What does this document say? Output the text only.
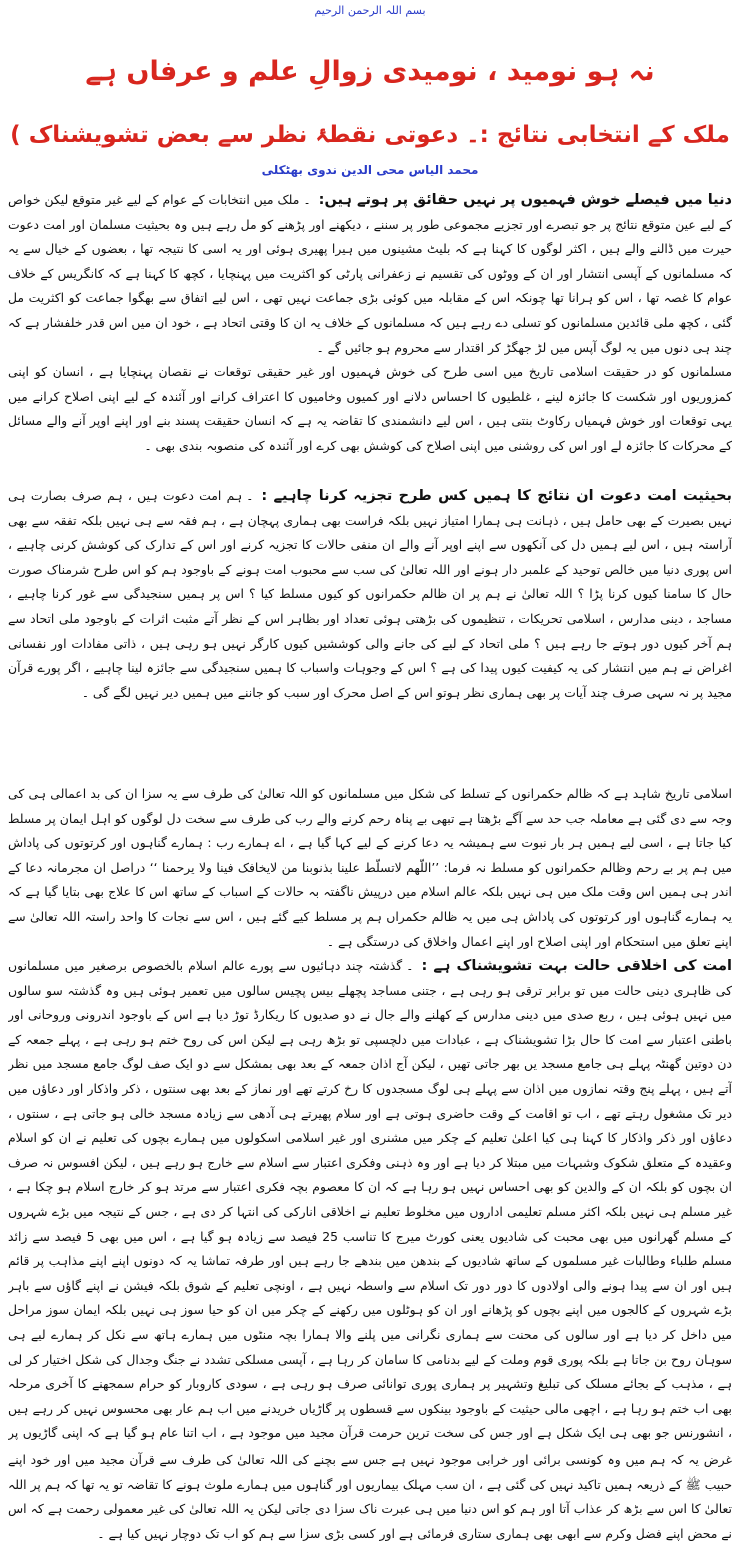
بسم اللہ الرحمن الرحیم
نہ ہو نومید ، نومیدی زوالِ علم و عرفاں ہے
( ملک کے انتخابی نتائج :۔ دعوتی نقطۂ نظر سے بعض تشویشناک
محمد الیاس محی الدین ندوی بھٹکلی

دنیا میں فیصلے خوش فہمیوں پر نہیں حقائق پر ہوتے ہیں:۔ملک میں انتخابات کے عوام کے لیے غیر متوقع لیکن خواص کے لیے عین متوقع نتائج پر جو تبصرے اور تجزیے مجموعی طور پر سننے ، دیکھنے اور پڑھنے کو مل رہے ہیں وہ بحیثیت مسلمان اور امت دعوت حیرت میں ڈالنے والے ہیں ، اکثر لوگوں کا کہنا ہے کہ بلیٹ مشینوں میں ہیرا پھیری ہوئی اور یہ اسی کا نتیجہ تھا ، بعضوں کے خیال سے یہ کہ مسلمانوں کے آپسی انتشار اور ان کے ووٹوں کی تقسیم نے زعفرانی پارٹی کو اکثریت میں پہنچایا ، کچھ کا کہنا ہے کہ کانگریس کے خلاف عوام کا غصہ تھا ، اس کو ہرانا تھا چونکہ اس کے مقابلہ میں کوئی بڑی جماعت نہیں تھی ، اس لیے اتفاق سے بھگوا جماعت کو اکثریت مل گئی ، کچھ ملی قائدین مسلمانوں کو تسلی دے رہے ہیں کہ مسلمانوں کے خلاف یہ ان کا وقتی اتحاد ہے ، خود ان میں اس قدر خلفشار ہے کہ چند ہی دنوں میں یہ لوگ آپس میں لڑ جھگڑ کر اقتدار سے محروم ہو جائیں گے ۔

مسلمانوں کو در حقیقت اسلامی تاریخ میں اسی طرح کی خوش فہمیوں اور غیر حقیقی توقعات نے نقصان پہنچایا ہے ، انسان کو اپنی کمزوریوں اور شکست کا جائزہ لینے ، غلطیوں کا احساس دلانے اور کمیوں وخامیوں کا اعتراف کرانے اور آئندہ کے لیے اپنی اصلاح کرانے میں یہی توقعات اور خوش فہمیاں رکاوٹ بنتی ہیں ، اس لیے دانشمندی کا تقاضہ یہ ہے کہ انسان حقیقت پسند بنے اور اپنے اوپر آنے والے مسائل کے محرکات کا جائزہ لے اور اس کی روشنی میں اپنی اصلاح کی کوشش بھی کرے اور آئندہ کی منصوبہ بندی بھی ۔

بحیثیت امت دعوت ان نتائج کا ہمیں کس طرح تجزیہ کرنا چاہیے :۔ہم امت دعوت ہیں ، ہم صرف بصارت ہی نہیں بصیرت کے بھی حامل ہیں ، ذہانت ہی ہمارا امتیاز نہیں بلکہ فراست بھی ہماری پہچان ہے ، ہم فقہ سے ہی نہیں بلکہ تفقہ سے بھی آراستہ ہیں ، اس لیے ہمیں دل کی آنکھوں سے اپنے اوپر آنے والے ان منفی حالات کا تجزیہ کرنے اور اس کے تدارک کی کوشش کرنی چاہیے ، اس پوری دنیا میں خالص توحید کے علمبر دار ہونے اور اللہ تعالیٰ کی سب سے محبوب امت ہونے کے باوجود ہم کو اس طرح شرمناک صورت حال کا سامنا کیوں کرنا پڑا ؟ اللہ تعالیٰ نے ہم پر ان ظالم حکمرانوں کو کیوں مسلط کیا ؟ اس پر ہمیں سنجیدگی سے غور کرنا چاہیے ، مساجد ، دینی مدارس ، اسلامی تحریکات ، تنظیموں کی بڑھتی ہوئی تعداد اور بظاہر اس کے نظر آتے مثبت اثرات کے باوجود ملی اتحاد سے ہم آخر کیوں دور ہوتے جا رہے ہیں ؟ ملی اتحاد کے لیے کی جانے والی کوششیں کیوں کارگر نہیں ہو رہی ہیں ، ذاتی مفادات اور نفسانی اغراض نے ہم میں انتشار کی یہ کیفیت کیوں پیدا کی ہے ؟ اس کے وجوہات واسباب کا ہمیں سنجیدگی سے جائزہ لینا چاہیے ، اگر پورے قرآن مجید پر نہ سہی صرف چند آیات پر بھی ہماری نظر ہوتو اس کے اصل محرک اور سبب کو جاننے میں ہمیں دیر نہیں لگے گی ۔

اسلامی تاریخ شاہد ہے کہ ظالم حکمرانوں کے تسلط کی شکل میں مسلمانوں کو اللہ تعالیٰ کی طرف سے یہ سزا ان کی بد اعمالی ہی کی وجہ سے دی گئی ہے معاملہ جب حد سے آگے بڑھتا ہے تبھی بے پناہ رحم کرنے والے رب کی طرف سے سخت دل لوگوں کو اہل ایمان پر مسلط کیا جاتا ہے ، اسی لیے ہمیں ہر بار نبوت سے ہمیشہ یہ دعا کرنے کے لیے کہا گیا ہے ، اے ہمارے رب : ہمارے گناہوں اور کرتوتوں کی پاداش میں ہم پر بے رحم وظالم حکمرانوں کو مسلط نہ فرما: ’’اللّھم لاتسلّط علینا بذنوبنا من لایخافک فینا ولا یرحمنا ‘‘ دراصل ان مجرمانہ دعا کے اندر ہی ہمیں اس وقت ملک میں ہی نہیں بلکہ عالم اسلام میں درپیش ناگفتہ بہ حالات کے اسباب کے ساتھ اس کا علاج بھی بتایا گیا ہے کہ یہ ہمارے گناہوں اور کرتوتوں کی پاداش ہی میں یہ ظالم حکمراں ہم پر مسلط کیے گئے ہیں ، اس سے نجات کا واحد راستہ اللہ تعالیٰ سے اپنے تعلق میں استحکام اور اپنی اصلاح اور اپنے اعمال واخلاق کی درستگی ہے ۔

امت کی اخلاقی حالت بہت تشویشناک ہے :۔گذشتہ چند دہائیوں سے پورے عالم اسلام بالخصوص برصغیر میں مسلمانوں کی ظاہری دینی حالت میں تو برابر ترقی ہو رہی ہے ، جتنی مساجد پچھلے بیس پچیس سالوں میں تعمیر ہوئی ہیں وہ گذشتہ سو سالوں میں نہیں ہوئی ہیں ، ربع صدی میں دینی مدارس کے کھلنے والے جال نے دو صدیوں کا ریکارڈ توڑ دیا ہے اس کے باوجود اندرونی وروحانی اور باطنی اعتبار سے امت کا حال بڑا تشویشناک ہے ، عبادات میں دلچسپی تو بڑھ رہی ہے لیکن اس کی روح ختم ہو رہی ہے ، پہلے جمعہ کے دن دوتین گھنٹہ پہلے ہی جامع مسجد یں بھر جاتی تھیں ، لیکن آج اذان جمعہ کے بعد بھی بمشکل سے دو ایک صف لوگ جامع مسجد میں نظر آتے ہیں ، پہلے پنج وقتہ نمازوں میں اذان سے پہلے ہی لوگ مسجدوں کا رخ کرتے تھے اور نماز کے بعد بھی سنتوں ، ذکر واذکار اور دعاؤں میں دیر تک مشغول رہتے تھے ، اب تو اقامت کے وقت حاضری ہوتی ہے اور سلام پھیرتے ہی آدھی سے زیادہ مسجد خالی ہو جاتی ہے ، سنتوں ، دعاؤں اور ذکر واذکار کا کہنا ہی کیا اعلیٰ تعلیم کے چکر میں مشنری اور غیر اسلامی اسکولوں میں ہمارے بچوں کی تعلیم نے ان کو اسلام وعقیدہ کے متعلق شکوک وشبہات میں مبتلا کر دیا ہے اور وہ ذہنی وفکری اعتبار سے اسلام سے خارج ہو رہے ہیں ، لیکن افسوس نہ صرف ان بچوں کو بلکہ ان کے والدین کو بھی احساس نہیں ہو رہا ہے کہ ان کا معصوم بچہ فکری اعتبار سے مرتد ہو کر خارج اسلام ہو چکا ہے ، غیر مسلم ہی نہیں بلکہ اکثر مسلم تعلیمی اداروں میں مخلوط تعلیم نے اخلاقی انارکی کی انتہا کر دی ہے ، جس کے نتیجہ میں بڑے شہروں کے مسلم گھرانوں میں بھی محبت کی شادیوں یعنی کورٹ میرج کا تناسب 25 فیصد سے زیادہ ہو گیا ہے ، اس میں بھی 5 فیصد سے زائد مسلم طلباء وطالبات غیر مسلموں کے ساتھ شادیوں کے بندھن میں بندھے جا رہے ہیں اور طرفہ تماشا یہ کہ دونوں اپنے اپنے مذاہب پر قائم ہیں اور ان سے پیدا ہونے والی اولادوں کا دور دور تک اسلام سے واسطہ نہیں ہے ، اونچی تعلیم کے شوق بلکہ فیشن نے اپنے گاؤں سے باہر بڑے شہروں کے کالجوں میں اپنے بچوں کو پڑھانے اور ان کو ہوٹلوں میں رکھنے کے چکر میں ان کو حیا سوز ہی نہیں بلکہ ایمان سوز مراحل میں داخل کر دیا ہے اور سالوں کی محنت سے ہماری نگرانی میں پلنے والا ہمارا بچہ منٹوں میں ہمارے ہاتھ سے نکل کر ہمارے لیے ہی سوہان روح بن جاتا ہے بلکہ پوری قوم وملت کے لیے بدنامی کا سامان کر رہا ہے ، آپسی مسلکی تشدد نے جنگ وجدال کی شکل اختیار کر لی ہے ، مذہب کے بجائے مسلک کی تبلیغ وتشہیر پر ہماری پوری توانائی صرف ہو رہی ہے ، سودی کاروبار کو حرام سمجھنے کا آخری مرحلہ بھی اب ختم ہو رہا ہے ، اچھی مالی حیثیت کے باوجود بینکوں سے قسطوں پر گاڑیاں خریدنے میں اب ہم عار بھی محسوس نہیں کر رہے ہیں ، انشورنس جو بھی ہی ایک شکل ہے اور جس کی سخت ترین حرمت قرآن مجید میں موجود ہے ، اب اتنا عام ہو گیا ہے کہ اپنی گاڑیوں پر

غرض یہ کہ ہم میں وہ کونسی برائی اور خرابی موجود نہیں ہے جس سے بچنے کی اللہ تعالیٰ کی طرف سے قرآن مجید میں اور خود اپنے حبیب ﷺ کے ذریعہ ہمیں تاکید نہیں کی گئی ہے ، ان سب مہلک بیماریوں اور گناہوں میں ہمارے ملوث ہونے کا تقاضہ تو یہ تھا کہ ہم پر اللہ تعالیٰ کا اس سے بڑھ کر عذاب آتا اور ہم کو اس دنیا میں ہی عبرت ناک سزا دی جاتی لیکن یہ اللہ تعالیٰ کی غیر معمولی رحمت ہے کہ اس نے محض اپنے فضل وکرم سے ابھی بھی ہماری ستاری فرمائی ہے اور کسی بڑی سزا سے ہم کو اب تک دوچار نہیں کیا ہے ۔
